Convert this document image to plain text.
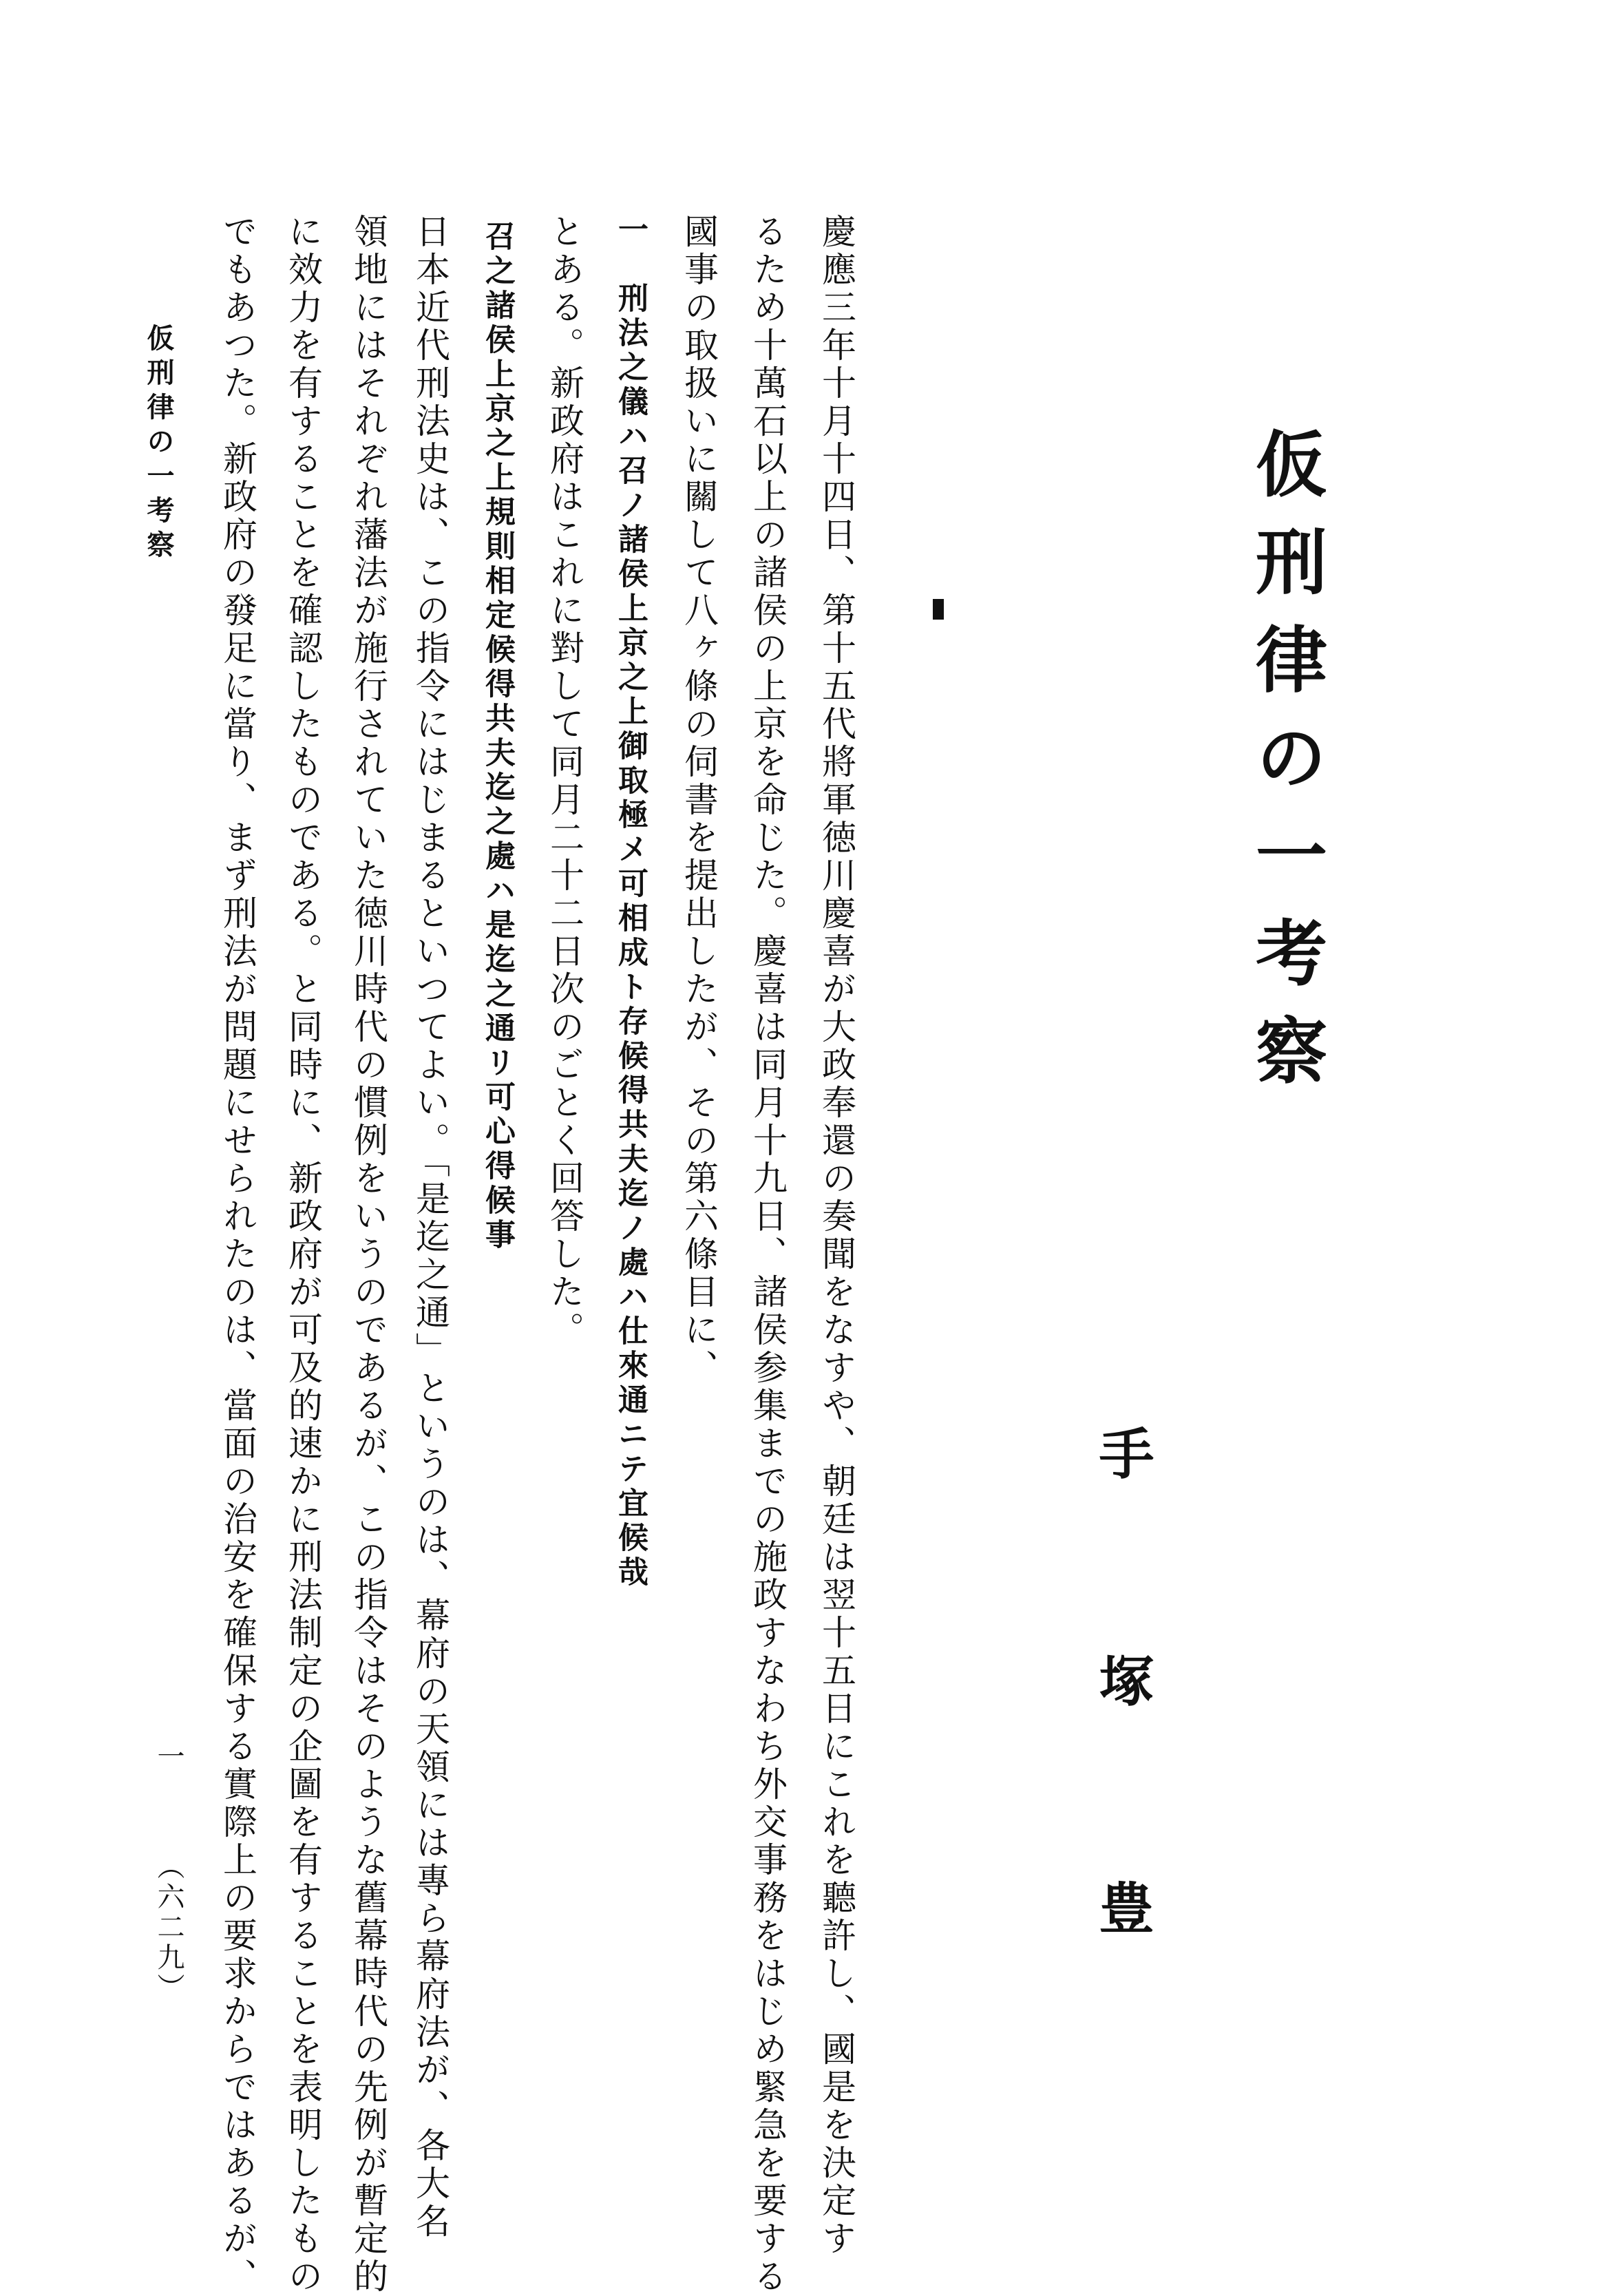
仮刑律の一考察
手塚豊
慶應三年十月十四日、第十五代將軍徳川慶喜が大政奉還の奏聞をなすや、朝廷は翌十五日にこれを聽許し、國是を決定す
るため十萬石以上の諸侯の上京を命じた。慶喜は同月十九日、諸侯参集までの施政すなわち外交事務をはじめ緊急を要する
國事の取扱いに關して八ヶ條の伺書を提出したが、その第六條目に、
一　刑法之儀ハ召ノ諸侯上京之上御取極メ可相成ト存候得共夫迄ノ處ハ仕來通ニテ宜候哉
とある。新政府はこれに對して同月二十二日次のごとく回答した。
召之諸侯上京之上規則相定候得共夫迄之處ハ是迄之通リ可心得候事
日本近代刑法史は、この指令にはじまるといつてよい。「是迄之通」というのは、幕府の天領には專ら幕府法が、各大名
領地にはそれぞれ藩法が施行されていた徳川時代の慣例をいうのであるが、この指令はそのような舊幕時代の先例が暫定的
に效力を有することを確認したものである。と同時に、新政府が可及的速かに刑法制定の企圖を有することを表明したもの
でもあつた。新政府の發足に當り、まず刑法が問題にせられたのは、當面の治安を確保する實際上の要求からではあるが、
仮刑律の一考察
一
（六二九）
